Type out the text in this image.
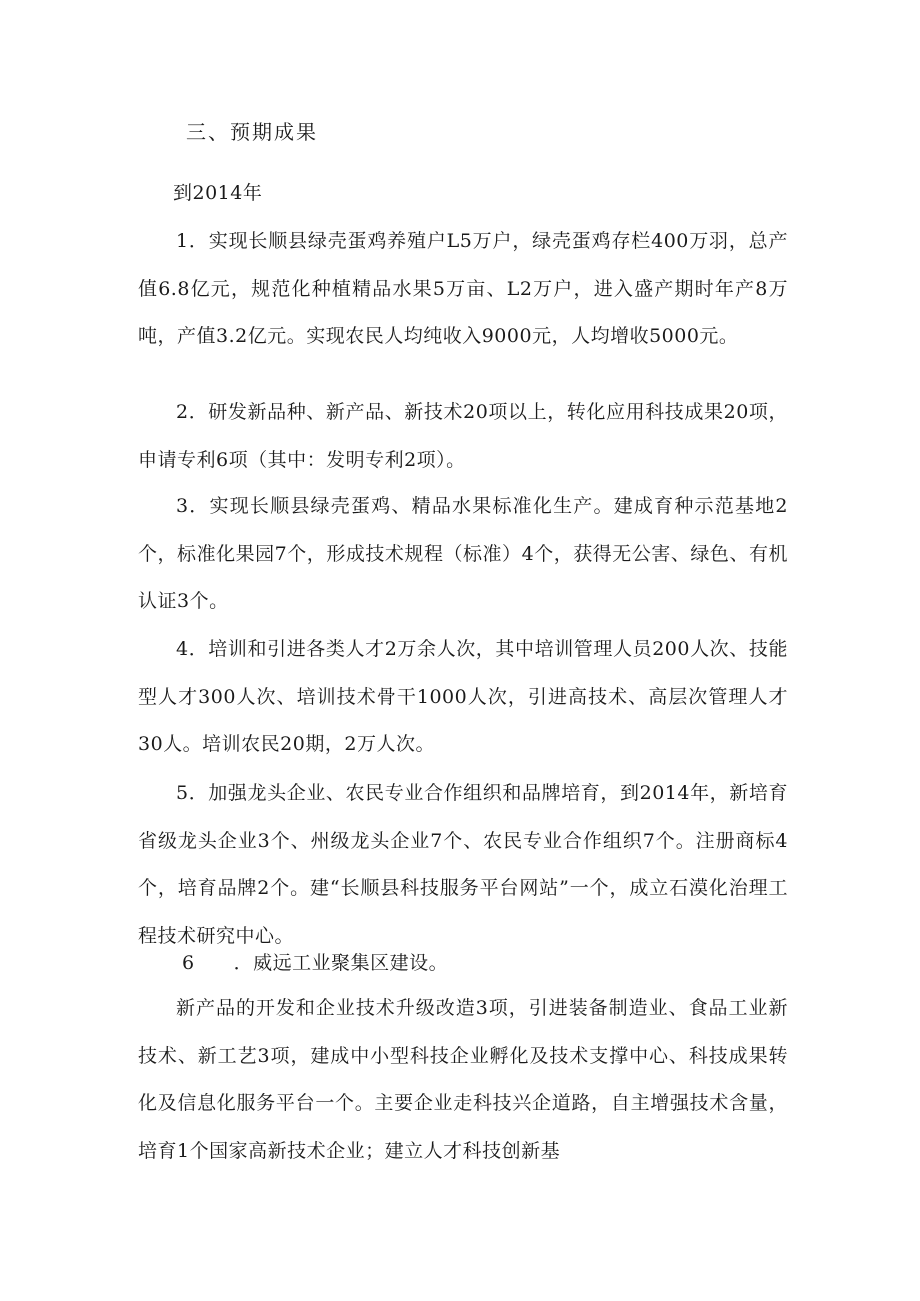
三、预期成果

到2014年

1．实现长顺县绿壳蛋鸡养殖户L5万户，绿壳蛋鸡存栏400万羽，总产值6.8亿元，规范化种植精品水果5万亩、L2万户，进入盛产期时年产8万吨，产值3.2亿元。实现农民人均纯收入9000元，人均增收5000元。

2．研发新品种、新产品、新技术20项以上，转化应用科技成果20项，申请专利6项（其中：发明专利2项）。

3．实现长顺县绿壳蛋鸡、精品水果标准化生产。建成育种示范基地2个，标准化果园7个，形成技术规程（标准）4个，获得无公害、绿色、有机认证3个。

4．培训和引进各类人才2万余人次，其中培训管理人员200人次、技能型人才300人次、培训技术骨干1000人次，引进高技术、高层次管理人才30人。培训农民20期，2万人次。

5．加强龙头企业、农民专业合作组织和品牌培育，到2014年，新培育省级龙头企业3个、州级龙头企业7个、农民专业合作组织7个。注册商标4个，培育品牌2个。建“长顺县科技服务平台网站”一个，成立石漠化治理工程技术研究中心。

6　　．威远工业聚集区建设。

新产品的开发和企业技术升级改造3项，引进装备制造业、食品工业新技术、新工艺3项，建成中小型科技企业孵化及技术支撑中心、科技成果转化及信息化服务平台一个。主要企业走科技兴企道路，自主增强技术含量，培育1个国家高新技术企业；建立人才科技创新基
